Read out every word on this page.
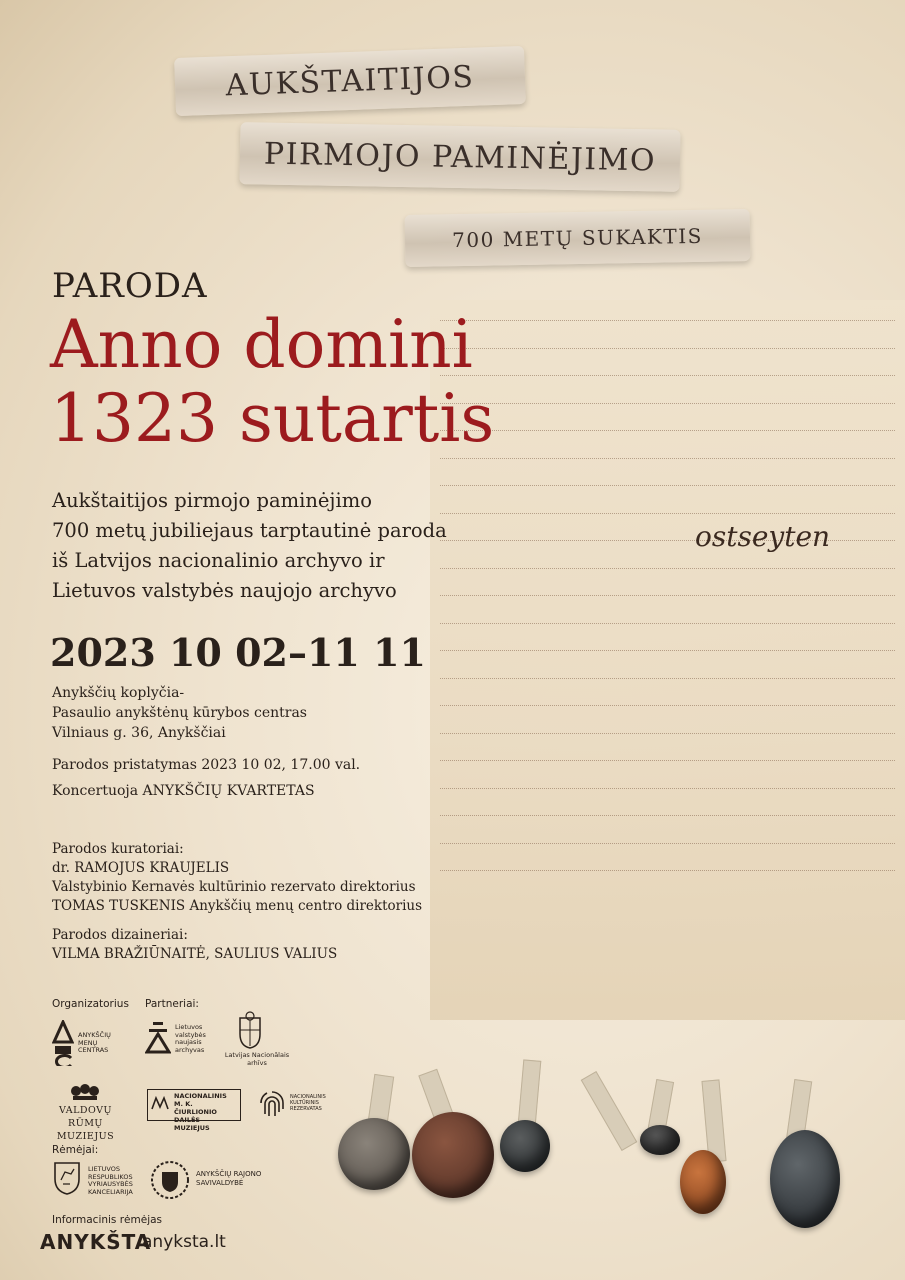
ostseyten
AUKŠTAITIJOS
PIRMOJO PAMINĖJIMO
700 METŲ SUKAKTIS
PARODA
Anno domini
1323 sutartis
Aukštaitijos pirmojo paminėjimo
700 metų jubiliejaus tarptautinė paroda
iš Latvijos nacionalinio archyvo ir
Lietuvos valstybės naujojo archyvo
2023 10 02–11 11
Anykščių koplyčia-
Pasaulio anykštėnų kūrybos centras
Vilniaus g. 36, Anykščiai
Parodos pristatymas 2023 10 02, 17.00 val.
Koncertuoja ANYKŠČIŲ KVARTETAS
Parodos kuratoriai:
dr. RAMOJUS KRAUJELIS
Valstybinio Kernavės kultūrinio rezervato direktorius
TOMAS TUSKENIS Anykščių menų centro direktorius
Parodos dizaineriai:
VILMA BRAŽIŪNAITĖ, SAULIUS VALIUS
Organizatorius Partneriai:
ANYKŠČIŲ MENŲ CENTRAS
Lietuvos
valstybės
naujasis
archyvas
Latvijas Nacionālais
arhīvs
VALDOVŲ RŪMŲ
MUZIEJUS
NACIONALINIS
M. K. ČIURLIONIO
DAILĖS MUZIEJUS
NACIONALINIS
KULTŪRINIS
REZERVATAS
Rėmėjai:
LIETUVOS
RESPUBLIKOS
VYRIAUSYBĖS
KANCELIARIJA
ANYKŠČIŲ RAJONO
SAVIVALDYBĖ
Informacinis rėmėjas
ANYKŠTA
anyksta.lt
